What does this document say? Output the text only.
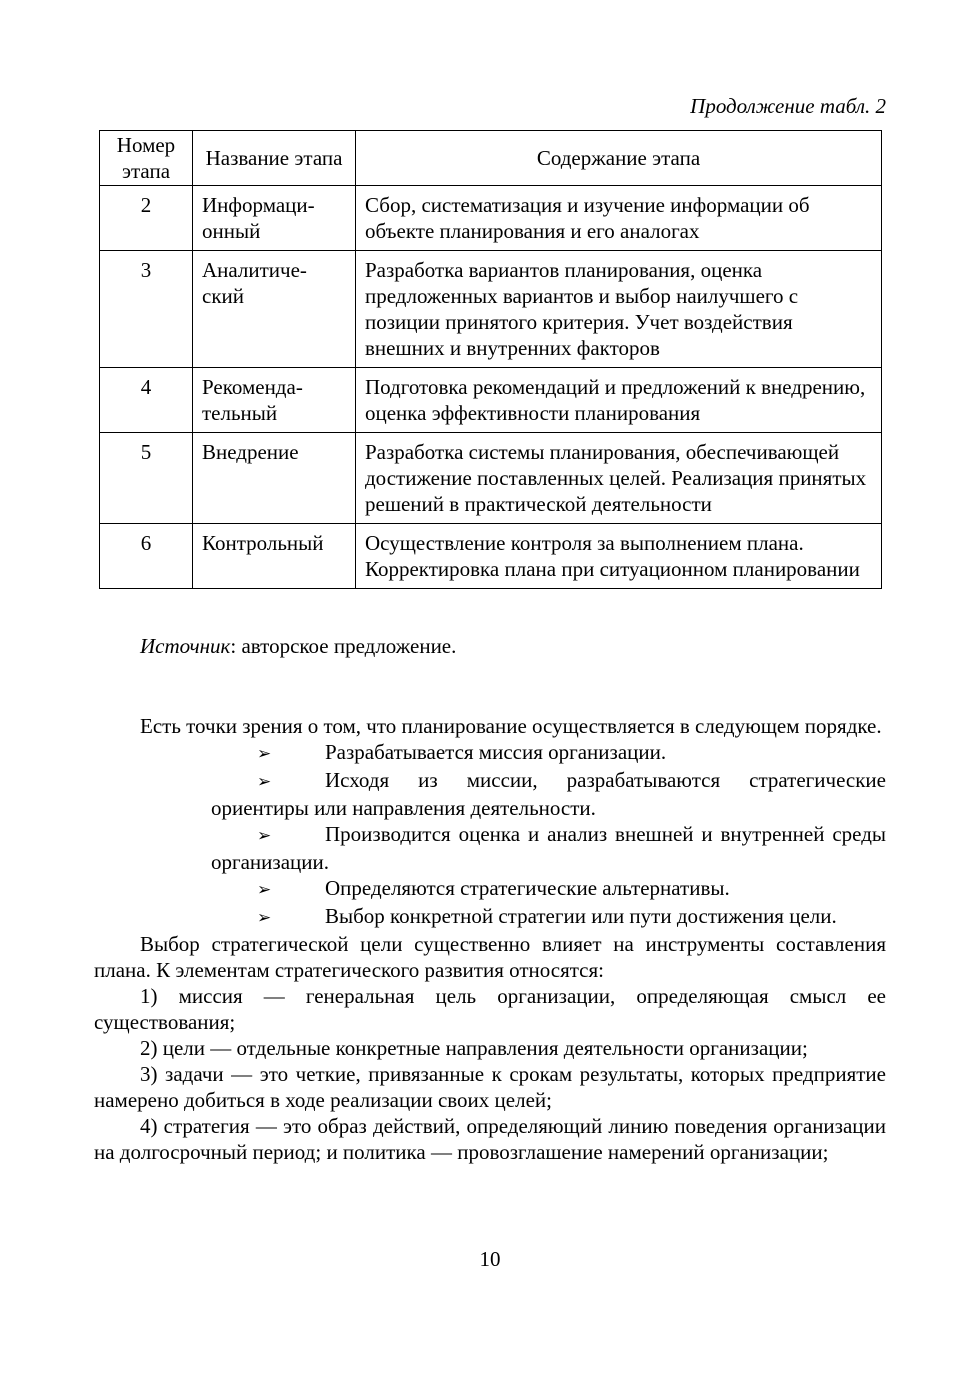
Продолжение табл. 2
Номер этапа	Название этапа	Содержание этапа
2	Информаци-онный	Сбор, систематизация и изучение информации об объекте планирования и его аналогах
3	Аналитиче-ский	Разработка вариантов планирования, оценка предложенных вариантов и выбор наилучшего с позиции принятого критерия. Учет воздействия внешних и внутренних факторов
4	Рекоменда-тельный	Подготовка рекомендаций и предложений к внедрению, оценка эффективности планирования
5	Внедрение	Разработка системы планирования, обеспечивающей достижение поставленных целей. Реализация принятых решений в практической деятельности
6	Контрольный	Осуществление контроля за выполнением плана. Корректировка плана при ситуационном планировании
Источник: авторское предложение.

Есть точки зрения о том, что планирование осуществляется в следующем порядке.

➢	Разрабатывается миссия организации.

➢	Исходя из миссии, разрабатываются стратегические ориентиры или направления деятельности.

➢	Производится оценка и анализ внешней и внутренней среды организации.

➢	Определяются стратегические альтернативы.

➢	Выбор конкретной стратегии или пути достижения цели.

Выбор стратегической цели существенно влияет на инструменты составления плана. К элементам стратегического развития относятся:

1) миссия — генеральная цель организации, определяющая смысл ее существования;

2) цели — отдельные конкретные направления деятельности организации;

3) задачи — это четкие, привязанные к срокам результаты, которых предприятие намерено добиться в ходе реализации своих целей;

4) стратегия — это образ действий, определяющий линию поведения организации на долгосрочный период; и политика — провозглашение намерений организации;

10
